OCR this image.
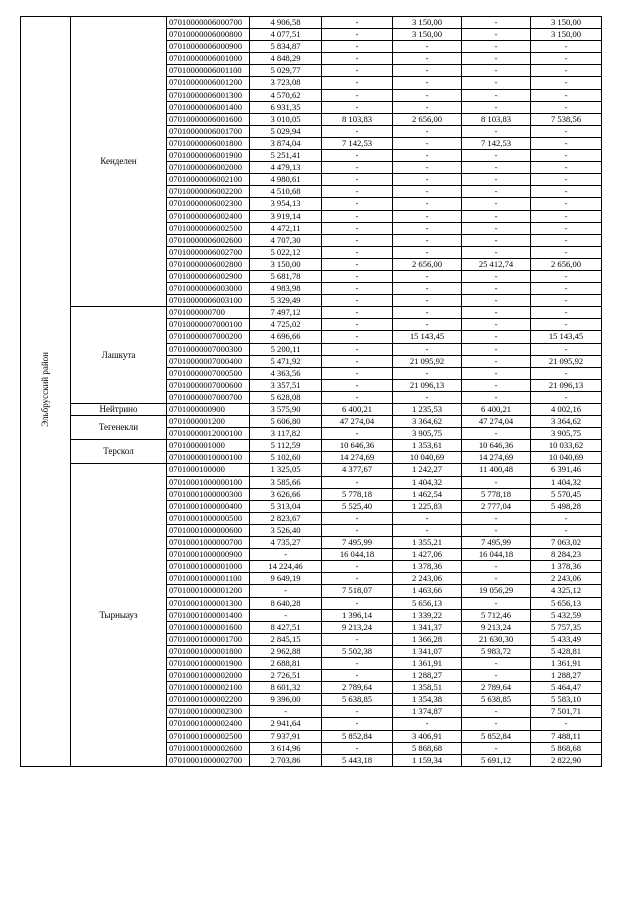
Эльбрусский район	Кенделен	07010000006000700	4 906,58	-	3 150,00	-	3 150,00
		07010000006000800	4 077,51	-	3 150,00	-	3 150,00
		07010000006000900	5 834,87	-	-	-	-
		07010000006001000	4 848,29	-	-	-	-
		07010000006001100	5 029,77	-	-	-	-
		07010000006001200	3 723,08	-	-	-	-
		07010000006001300	4 570,62	-	-	-	-
		07010000006001400	6 931,35	-	-	-	-
		07010000006001600	3 010,05	8 103,83	2 656,00	8 103,83	7 538,56
		07010000006001700	5 029,94	-	-	-	-
		07010000006001800	3 874,04	7 142,53	-	7 142,53	-
		07010000006001900	5 251,41	-	-	-	-
		07010000006002000	4 479,13	-	-	-	-
		07010000006002100	4 980,61	-	-	-	-
		07010000006002200	4 510,68	-	-	-	-
		07010000006002300	3 954,13	-	-	-	-
		07010000006002400	3 919,14	-	-	-	-
		07010000006002500	4 472,11	-	-	-	-
		07010000006002600	4 707,30	-	-	-	-
		07010000006002700	5 022,12	-	-	-	-
		07010000006002800	3 150,00	-	2 656,00	25 412,74	2 656,00
		07010000006002900	5 681,78	-	-	-	-
		07010000006003000	4 983,98	-	-	-	-
		07010000006003100	5 329,49	-	-	-	-
	Лашкута	0701000000700	7 497,12	-	-	-	-
		07010000007000100	4 725,02	-	-	-	-
		07010000007000200	4 696,66	-	15 143,45	-	15 143,45
		07010000007000300	5 200,11	-	-	-	-
		07010000007000400	5 471,92	-	21 095,92	-	21 095,92
		07010000007000500	4 363,56	-	-	-	-
		07010000007000600	3 357,51	-	21 096,13	-	21 096,13
		07010000007000700	5 628,08	-	-	-	-
	Нейтрино	0701000000900	3 575,90	6 400,21	1 235,53	6 400,21	4 002,16
	Тегенекли	0701000001200	5 606,80	47 274,04	3 364,62	47 274,04	3 364,62
		07010000012000100	3 117,82	-	3 905,75	-	3 905,75
	Терскол	0701000001000	5 112,59	10 646,36	1 353,61	10 646,36	10 033,62
		07010000010000100	5 102,60	14 274,69	10 040,69	14 274,69	10 040,69
	Тырныауз	0701000100000	1 325,05	4 377,67	1 242,27	11 400,48	6 391,46
		07010001000000100	3 585,66	-	1 404,32	-	1 404,32
		07010001000000300	3 626,66	5 778,18	1 462,54	5 778,18	5 570,45
		07010001000000400	5 313,04	5 525,40	1 225,83	2 777,04	5 498,28
		07010001000000500	2 823,67	-	-	-	-
		07010001000000600	3 526,40	-	-	-	-
		07010001000000700	4 735,27	7 495,99	1 355,21	7 495,99	7 063,02
		07010001000000900	-	16 044,18	1 427,06	16 044,18	8 284,23
		07010001000001000	14 224,46	-	1 378,36	-	1 378,36
		07010001000001100	9 649,19	-	2 243,06	-	2 243,06
		07010001000001200	-	7 518,07	1 463,66	19 056,29	4 325,12
		07010001000001300	8 640,28	-	5 656,13	-	5 656,13
		07010001000001400	-	1 396,14	1 339,22	5 712,46	5 432,59
		07010001000001600	8 427,51	9 213,24	1 341,37	9 213,24	5 757,35
		07010001000001700	2 845,15	-	1 366,28	21 630,30	5 433,49
		07010001000001800	2 962,88	5 502,38	1 341,07	5 983,72	5 428,81
		07010001000001900	2 688,81	-	1 361,91	-	1 361,91
		07010001000002000	2 726,51	-	1 288,27	-	1 288,27
		07010001000002100	8 601,32	2 789,64	1 358,51	2 789,64	5 464,47
		07010001000002200	9 396,00	5 638,85	1 354,38	5 638,85	5 583,10
		07010001000002300	-	-	1 374,87	-	7 501,71
		07010001000002400	2 941,64	-	-	-	-
		07010001000002500	7 937,91	5 852,84	3 406,91	5 852,84	7 488,11
		07010001000002600	3 614,96	-	5 868,68	-	5 868,68
		07010001000002700	2 703,86	5 443,18	1 159,34	5 691,12	2 822,90
